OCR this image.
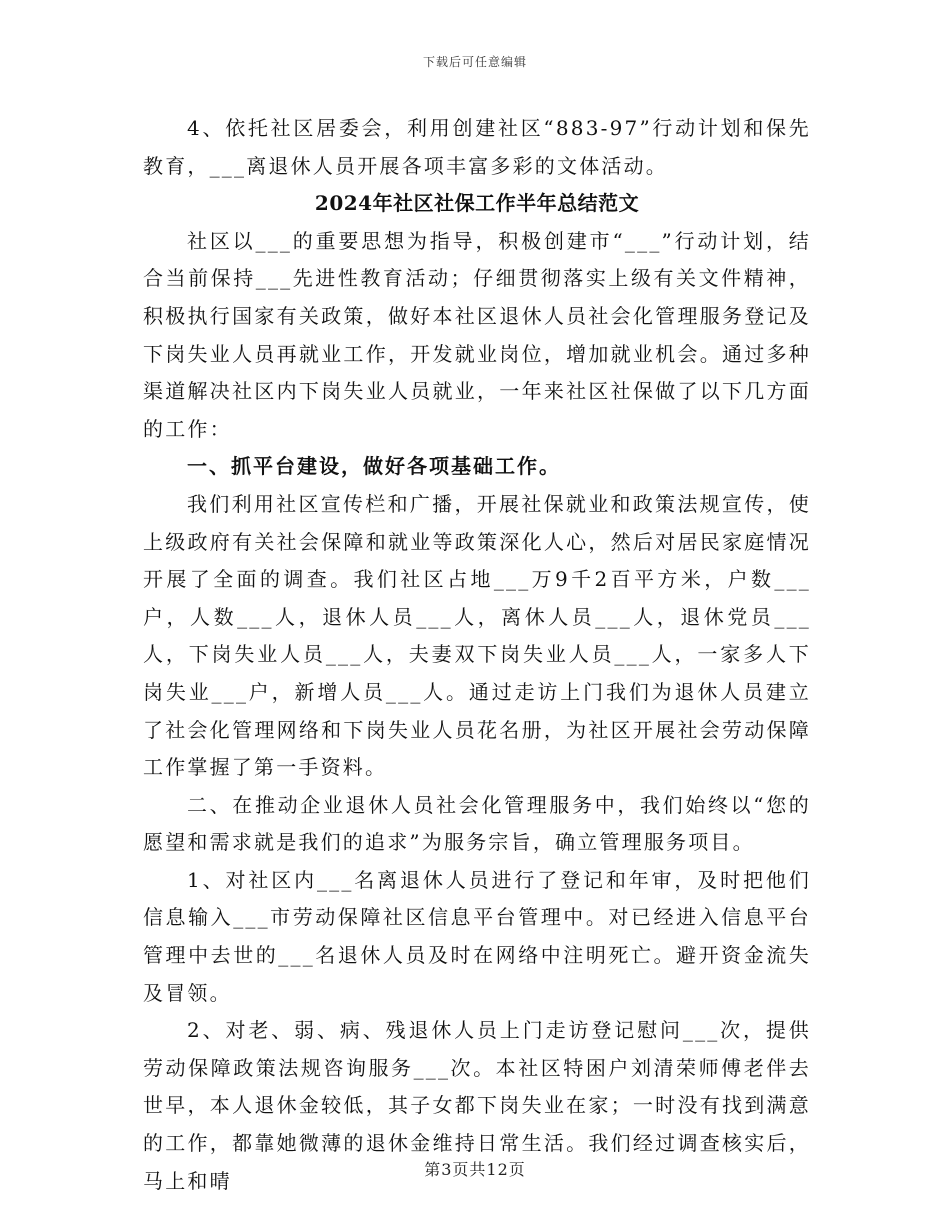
下载后可任意编辑

4、依托社区居委会，利用创建社区“883-97”行动计划和保先教育，___离退休人员开展各项丰富多彩的文体活动。

2024年社区社保工作半年总结范文

社区以___的重要思想为指导，积极创建市“___”行动计划，结合当前保持___先进性教育活动；仔细贯彻落实上级有关文件精神，积极执行国家有关政策，做好本社区退休人员社会化管理服务登记及下岗失业人员再就业工作，开发就业岗位，增加就业机会。通过多种渠道解决社区内下岗失业人员就业，一年来社区社保做了以下几方面的工作：

一、抓平台建设，做好各项基础工作。

我们利用社区宣传栏和广播，开展社保就业和政策法规宣传，使上级政府有关社会保障和就业等政策深化人心，然后对居民家庭情况开展了全面的调查。我们社区占地___万9千2百平方米，户数___户，人数___人，退休人员___人，离休人员___人，退休党员___人，下岗失业人员___人，夫妻双下岗失业人员___人，一家多人下岗失业___户，新增人员___人。通过走访上门我们为退休人员建立了社会化管理网络和下岗失业人员花名册，为社区开展社会劳动保障工作掌握了第一手资料。

二、在推动企业退休人员社会化管理服务中，我们始终以“您的愿望和需求就是我们的追求”为服务宗旨，确立管理服务项目。

1、对社区内___名离退休人员进行了登记和年审，及时把他们信息输入___市劳动保障社区信息平台管理中。对已经进入信息平台管理中去世的___名退休人员及时在网络中注明死亡。避开资金流失及冒领。

2、对老、弱、病、残退休人员上门走访登记慰问___次，提供劳动保障政策法规咨询服务___次。本社区特困户刘清荣师傅老伴去世早，本人退休金较低，其子女都下岗失业在家；一时没有找到满意的工作，都靠她微薄的退休金维持日常生活。我们经过调查核实后，马上和晴	第3页共12页
